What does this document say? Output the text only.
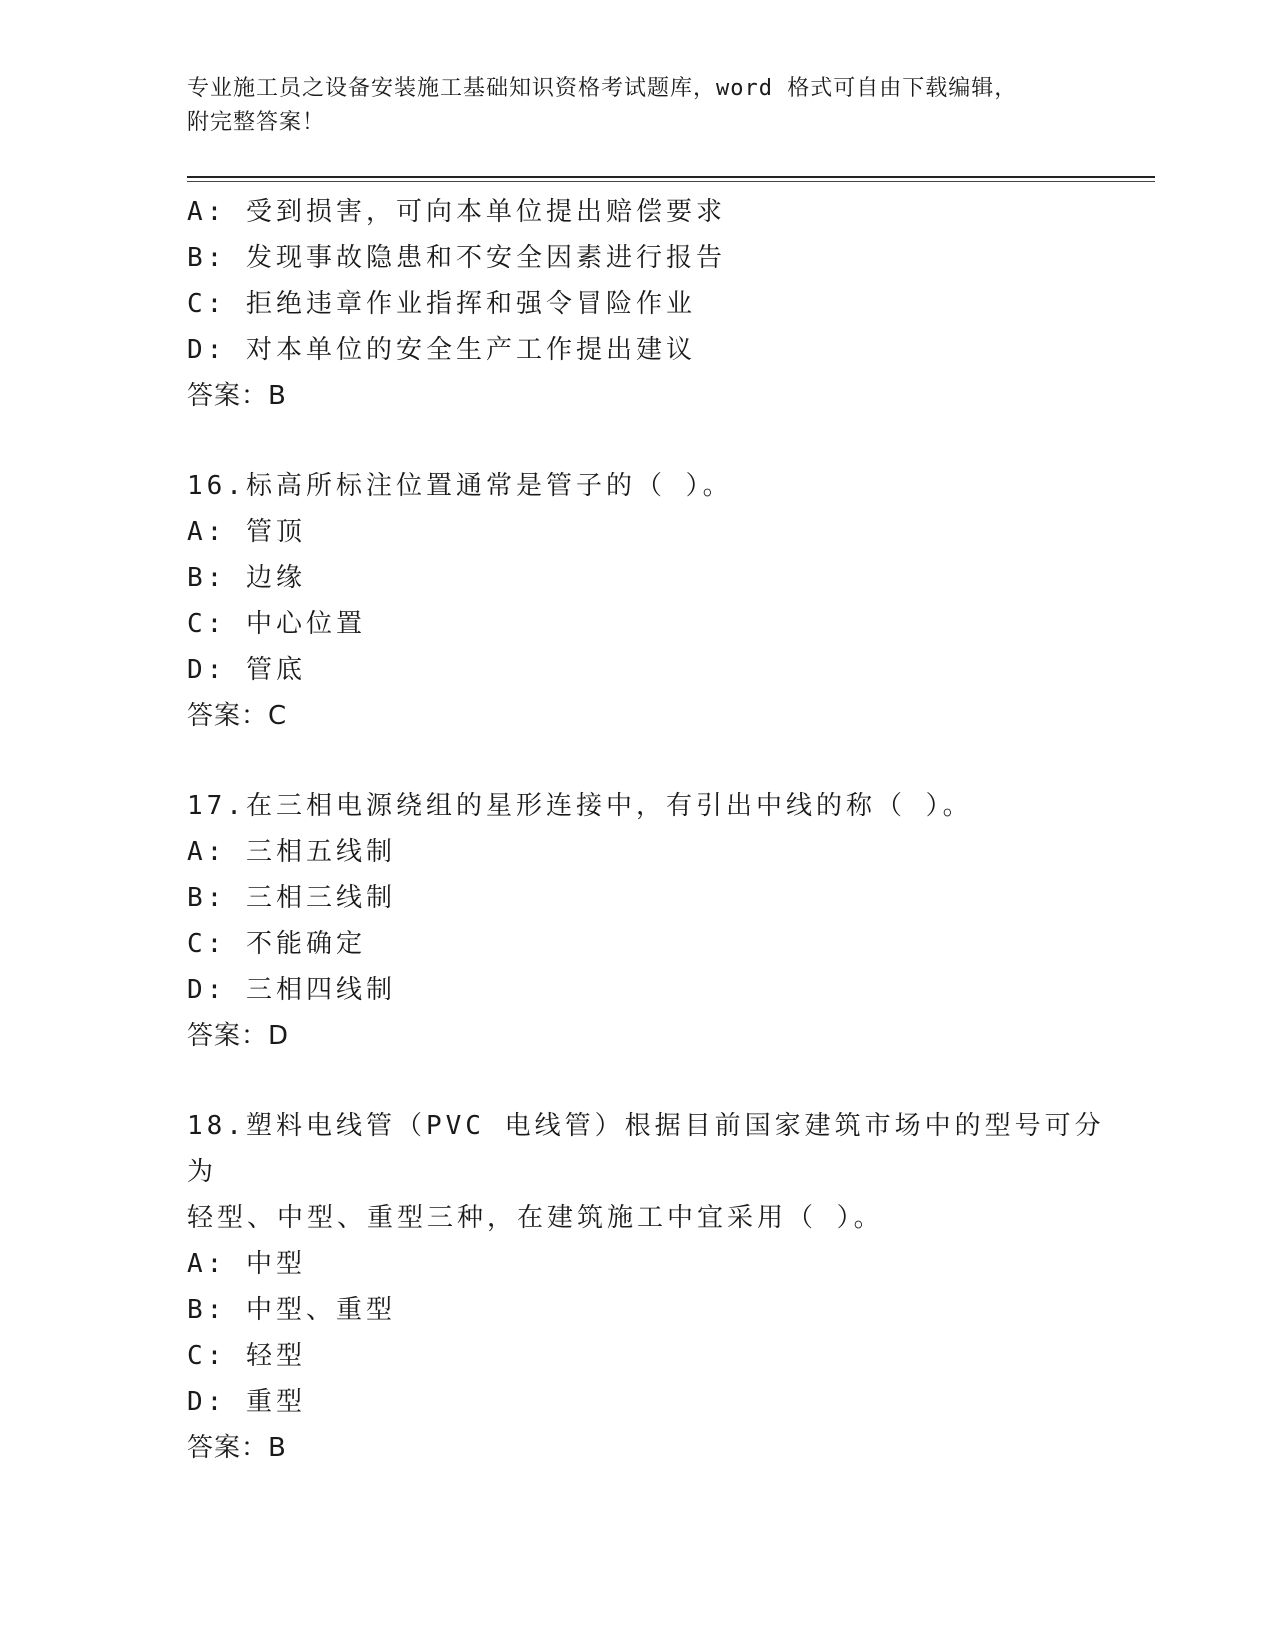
专业施工员之设备安装施工基础知识资格考试题库，word 格式可自由下载编辑，
附完整答案！
A: 受到损害，可向本单位提出赔偿要求
B: 发现事故隐患和不安全因素进行报告
C: 拒绝违章作业指挥和强令冒险作业
D: 对本单位的安全生产工作提出建议
答案：B
16.标高所标注位置通常是管子的（ ）。
A: 管顶
B: 边缘
C: 中心位置
D: 管底
答案：C
17.在三相电源绕组的星形连接中，有引出中线的称（ ）。
A: 三相五线制
B: 三相三线制
C: 不能确定
D: 三相四线制
答案：D
18.塑料电线管（PVC 电线管）根据目前国家建筑市场中的型号可分为
轻型、中型、重型三种，在建筑施工中宜采用（ ）。
A: 中型
B: 中型、重型
C: 轻型
D: 重型
答案：B
